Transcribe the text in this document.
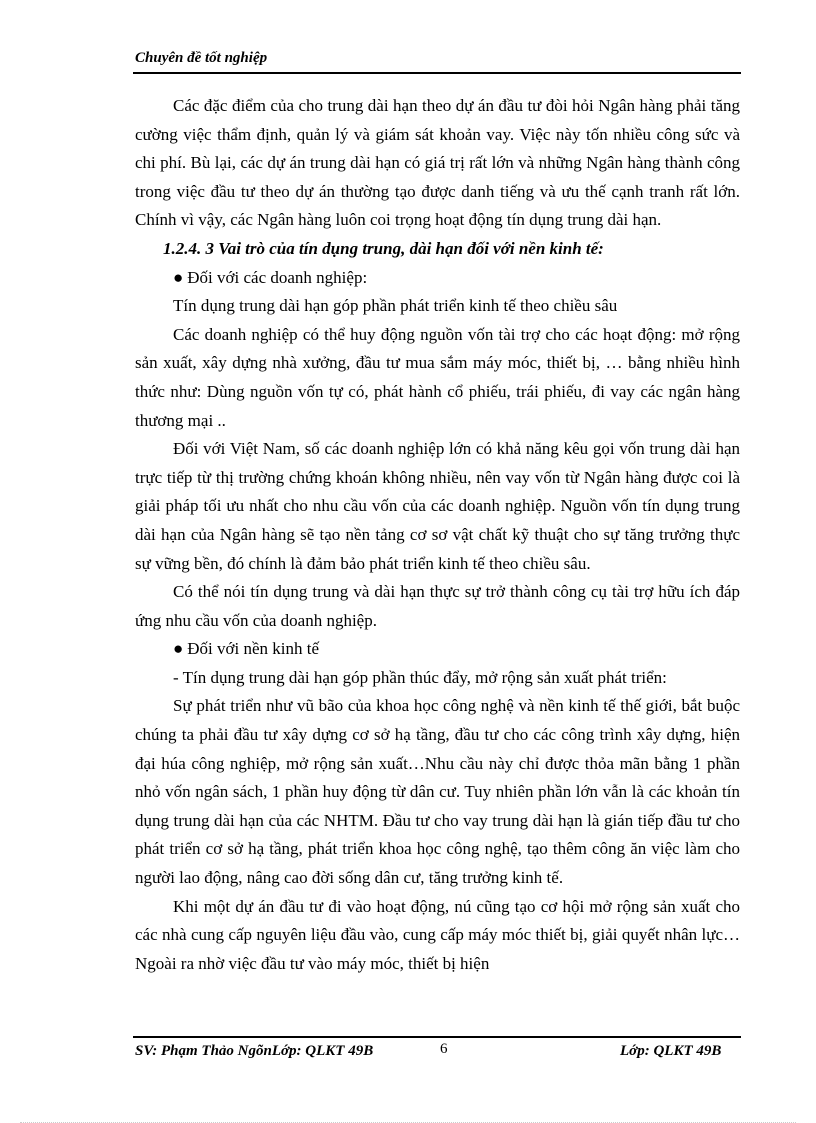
Chuyên đề tốt nghiệp

Các đặc điểm của cho trung dài hạn theo dự án đầu tư đòi hỏi Ngân hàng phải tăng cường việc thẩm định, quản lý và giám sát khoản vay. Việc này tốn nhiều công sức và chi phí. Bù lại, các dự án trung dài hạn có giá trị rất lớn và những Ngân hàng thành công trong việc đầu tư theo dự án thường tạo được danh tiếng và ưu thế cạnh tranh rất lớn. Chính vì vậy, các Ngân hàng luôn coi trọng hoạt động tín dụng trung dài hạn.

1.2.4. 3 Vai trò của tín dụng trung, dài hạn đối với nền kinh tế:

● Đối với các doanh nghiệp:

Tín dụng trung dài hạn góp phần phát triển kinh tế theo chiều sâu

Các doanh nghiệp có thể huy động nguồn vốn tài trợ cho các hoạt động: mở rộng sản xuất, xây dựng nhà xưởng, đầu tư mua sắm máy móc, thiết bị, … bằng nhiều hình thức như: Dùng nguồn vốn tự có, phát hành cổ phiếu, trái phiếu, đi vay các ngân hàng thương mại ..

Đối với Việt Nam, số các doanh nghiệp lớn có khả năng kêu gọi vốn trung dài hạn trực tiếp từ thị trường chứng khoán không nhiều, nên vay vốn từ Ngân hàng được coi là giải pháp tối ưu nhất cho nhu cầu vốn của các doanh nghiệp. Nguồn vốn tín dụng trung dài hạn của Ngân hàng sẽ tạo nền tảng cơ sơ vật chất kỹ thuật cho sự tăng trưởng thực sự vững bền, đó chính là đảm bảo phát triển kinh tế theo chiều sâu.

Có thể nói tín dụng trung và dài hạn thực sự trở thành công cụ tài trợ hữu ích đáp ứng nhu cầu vốn của doanh nghiệp.

● Đối với nền kinh tế

- Tín dụng trung dài hạn góp phần thúc đẩy, mở rộng sản xuất phát triển:

Sự phát triển như vũ bão của khoa học công nghệ và nền kinh tế thế giới, bắt buộc chúng ta phải đầu tư xây dựng cơ sở hạ tầng, đầu tư cho các công trình xây dựng, hiện đại húa công nghiệp, mở rộng sản xuất…Nhu cầu này chỉ được thỏa mãn bằng 1 phần nhỏ vốn ngân sách, 1 phần huy động từ dân cư. Tuy nhiên phần lớn vẫn là các khoản tín dụng trung dài hạn của các NHTM. Đầu tư cho vay trung dài hạn là gián tiếp đầu tư cho phát triển cơ sở hạ tầng, phát triển khoa học công nghệ, tạo thêm công ăn việc làm cho người lao động, nâng cao đời sống dân cư, tăng trưởng kinh tế.

Khi một dự án đầu tư đi vào hoạt động, nú cũng tạo cơ hội mở rộng sản xuất cho các nhà cung cấp nguyên liệu đầu vào, cung cấp máy móc thiết bị, giải quyết nhân lực… Ngoài ra nhờ việc đầu tư vào máy móc, thiết bị hiện

SV: Phạm Thảo NgõnLớp: QLKT 49B	6	Lớp: QLKT 49B
